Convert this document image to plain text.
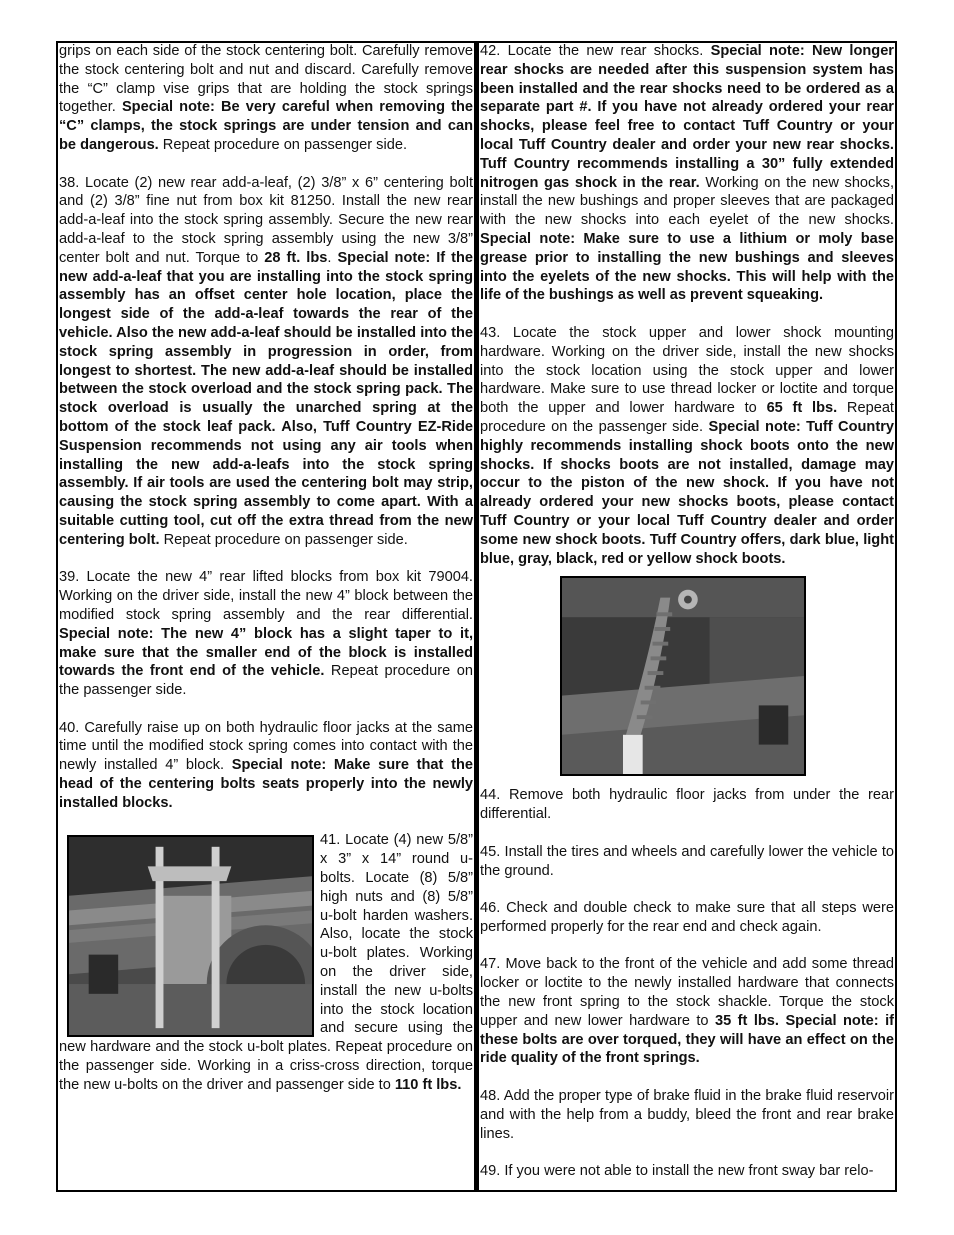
grips on each side of the stock centering bolt. Carefully remove the stock centering bolt and nut and discard. Carefully remove the “C” clamp vise grips that are holding the stock springs together. Special note: Be very careful when removing the “C” clamps, the stock springs are under tension and can be dangerous. Repeat procedure on passenger side.

38. Locate (2) new rear add-a-leaf, (2) 3/8” x 6” centering bolt and (2) 3/8” fine nut from box kit 81250. Install the new rear add-a-leaf into the stock spring assembly. Secure the new rear add-a-leaf to the stock spring assembly using the new 3/8” center bolt and nut. Torque to 28 ft. lbs. Special note: If the new add-a-leaf that you are installing into the stock spring assembly has an offset center hole location, place the longest side of the add-a-leaf towards the rear of the vehicle. Also the new add-a-leaf should be installed into the stock spring assembly in progression in order, from longest to shortest. The new add-a-leaf should be installed between the stock overload and the stock spring pack. The stock overload is usually the unarched spring at the bottom of the stock leaf pack. Also, Tuff Country EZ-Ride Suspension recommends not using any air tools when installing the new add-a-leafs into the stock spring assembly. If air tools are used the centering bolt may strip, causing the stock spring assembly to come apart. With a suitable cutting tool, cut off the extra thread from the new centering bolt. Repeat procedure on passenger side.

39. Locate the new 4” rear lifted blocks from box kit 79004. Working on the driver side, install the new 4” block between the modified stock spring assembly and the rear differential. Special note: The new 4” block has a slight taper to it, make sure that the smaller end of the block is installed towards the front end of the vehicle. Repeat procedure on the passenger side.

40. Carefully raise up on both hydraulic floor jacks at the same time until the modified stock spring comes into contact with the newly installed 4” block. Special note: Make sure that the head of the centering bolts seats properly into the newly installed blocks.

41. Locate (4) new 5/8” x 3” x 14” round u-bolts. Locate (8) 5/8” high nuts and (8) 5/8” u-bolt harden washers. Also, locate the stock u-bolt plates. Working on the driver side, install the new u-bolts into the stock location and secure using the new hardware and the stock u-bolt plates. Repeat procedure on the passenger side. Working in a criss-cross direction, torque the new u-bolts on the driver and passenger side to 110 ft lbs.

42. Locate the new rear shocks. Special note: New longer rear shocks are needed after this suspension system has been installed and the rear shocks need to be ordered as a separate part #. If you have not already ordered your rear shocks, please feel free to contact Tuff Country or your local Tuff Country dealer and order your new rear shocks. Tuff Country recommends installing a 30” fully extended nitrogen gas shock in the rear. Working on the new shocks, install the new bushings and proper sleeves that are packaged with the new shocks into each eyelet of the new shocks. Special note: Make sure to use a lithium or moly base grease prior to installing the new bushings and sleeves into the eyelets of the new shocks. This will help with the life of the bushings as well as prevent squeaking.

43. Locate the stock upper and lower shock mounting hardware. Working on the driver side, install the new shocks into the stock location using the stock upper and lower hardware. Make sure to use thread locker or loctite and torque both the upper and lower hardware to 65 ft lbs. Repeat procedure on the passenger side. Special note: Tuff Country highly recommends installing shock boots onto the new shocks. If shocks boots are not installed, damage may occur to the piston of the new shock. If you have not already ordered your new shocks boots, please contact Tuff Country or your local Tuff Country dealer and order some new shock boots. Tuff Country offers, dark blue, light blue, gray, black, red or yellow shock boots.

44. Remove both hydraulic floor jacks from under the rear differential.

45. Install the tires and wheels and carefully lower the vehicle to the ground.

46. Check and double check to make sure that all steps were performed properly for the rear end and check again.

47. Move back to the front of the vehicle and add some thread locker or loctite to the newly installed hardware that connects the new front spring to the stock shackle. Torque the stock upper and new lower hardware to 35 ft lbs. Special note: if these bolts are over torqued, they will have an effect on the ride quality of the front springs.

48. Add the proper type of brake fluid in the brake fluid reservoir and with the help from a buddy, bleed the front and rear brake lines.

49. If you were not able to install the new front sway bar relo-
